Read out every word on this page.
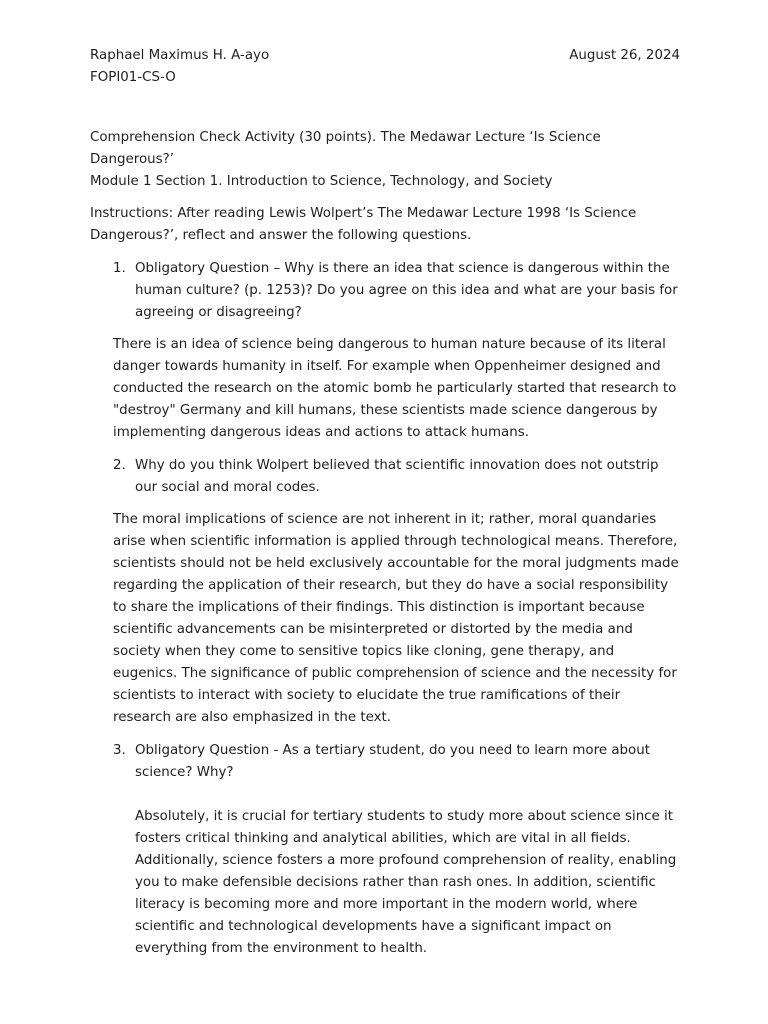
Raphael Maximus H. A-ayo	August 26, 2024

FOPI01-CS-O

Comprehension Check Activity (30 points). The Medawar Lecture ‘Is Science Dangerous?’

Module 1 Section 1. Introduction to Science, Technology, and Society

Instructions: After reading Lewis Wolpert’s The Medawar Lecture 1998 ‘Is Science Dangerous?’, reflect and answer the following questions.

1. Obligatory Question – Why is there an idea that science is dangerous within the human culture? (p. 1253)? Do you agree on this idea and what are your basis for agreeing or disagreeing?

There is an idea of science being dangerous to human nature because of its literal danger towards humanity in itself. For example when Oppenheimer designed and conducted the research on the atomic bomb he particularly started that research to "destroy" Germany and kill humans, these scientists made science dangerous by implementing dangerous ideas and actions to attack humans.

2. Why do you think Wolpert believed that scientific innovation does not outstrip our social and moral codes.

The moral implications of science are not inherent in it; rather, moral quandaries arise when scientific information is applied through technological means. Therefore, scientists should not be held exclusively accountable for the moral judgments made regarding the application of their research, but they do have a social responsibility to share the implications of their findings. This distinction is important because scientific advancements can be misinterpreted or distorted by the media and society when they come to sensitive topics like cloning, gene therapy, and eugenics. The significance of public comprehension of science and the necessity for scientists to interact with society to elucidate the true ramifications of their research are also emphasized in the text.

3. Obligatory Question - As a tertiary student, do you need to learn more about science? Why?

Absolutely, it is crucial for tertiary students to study more about science since it fosters critical thinking and analytical abilities, which are vital in all fields. Additionally, science fosters a more profound comprehension of reality, enabling you to make defensible decisions rather than rash ones. In addition, scientific literacy is becoming more and more important in the modern world, where scientific and technological developments have a significant impact on everything from the environment to health.
